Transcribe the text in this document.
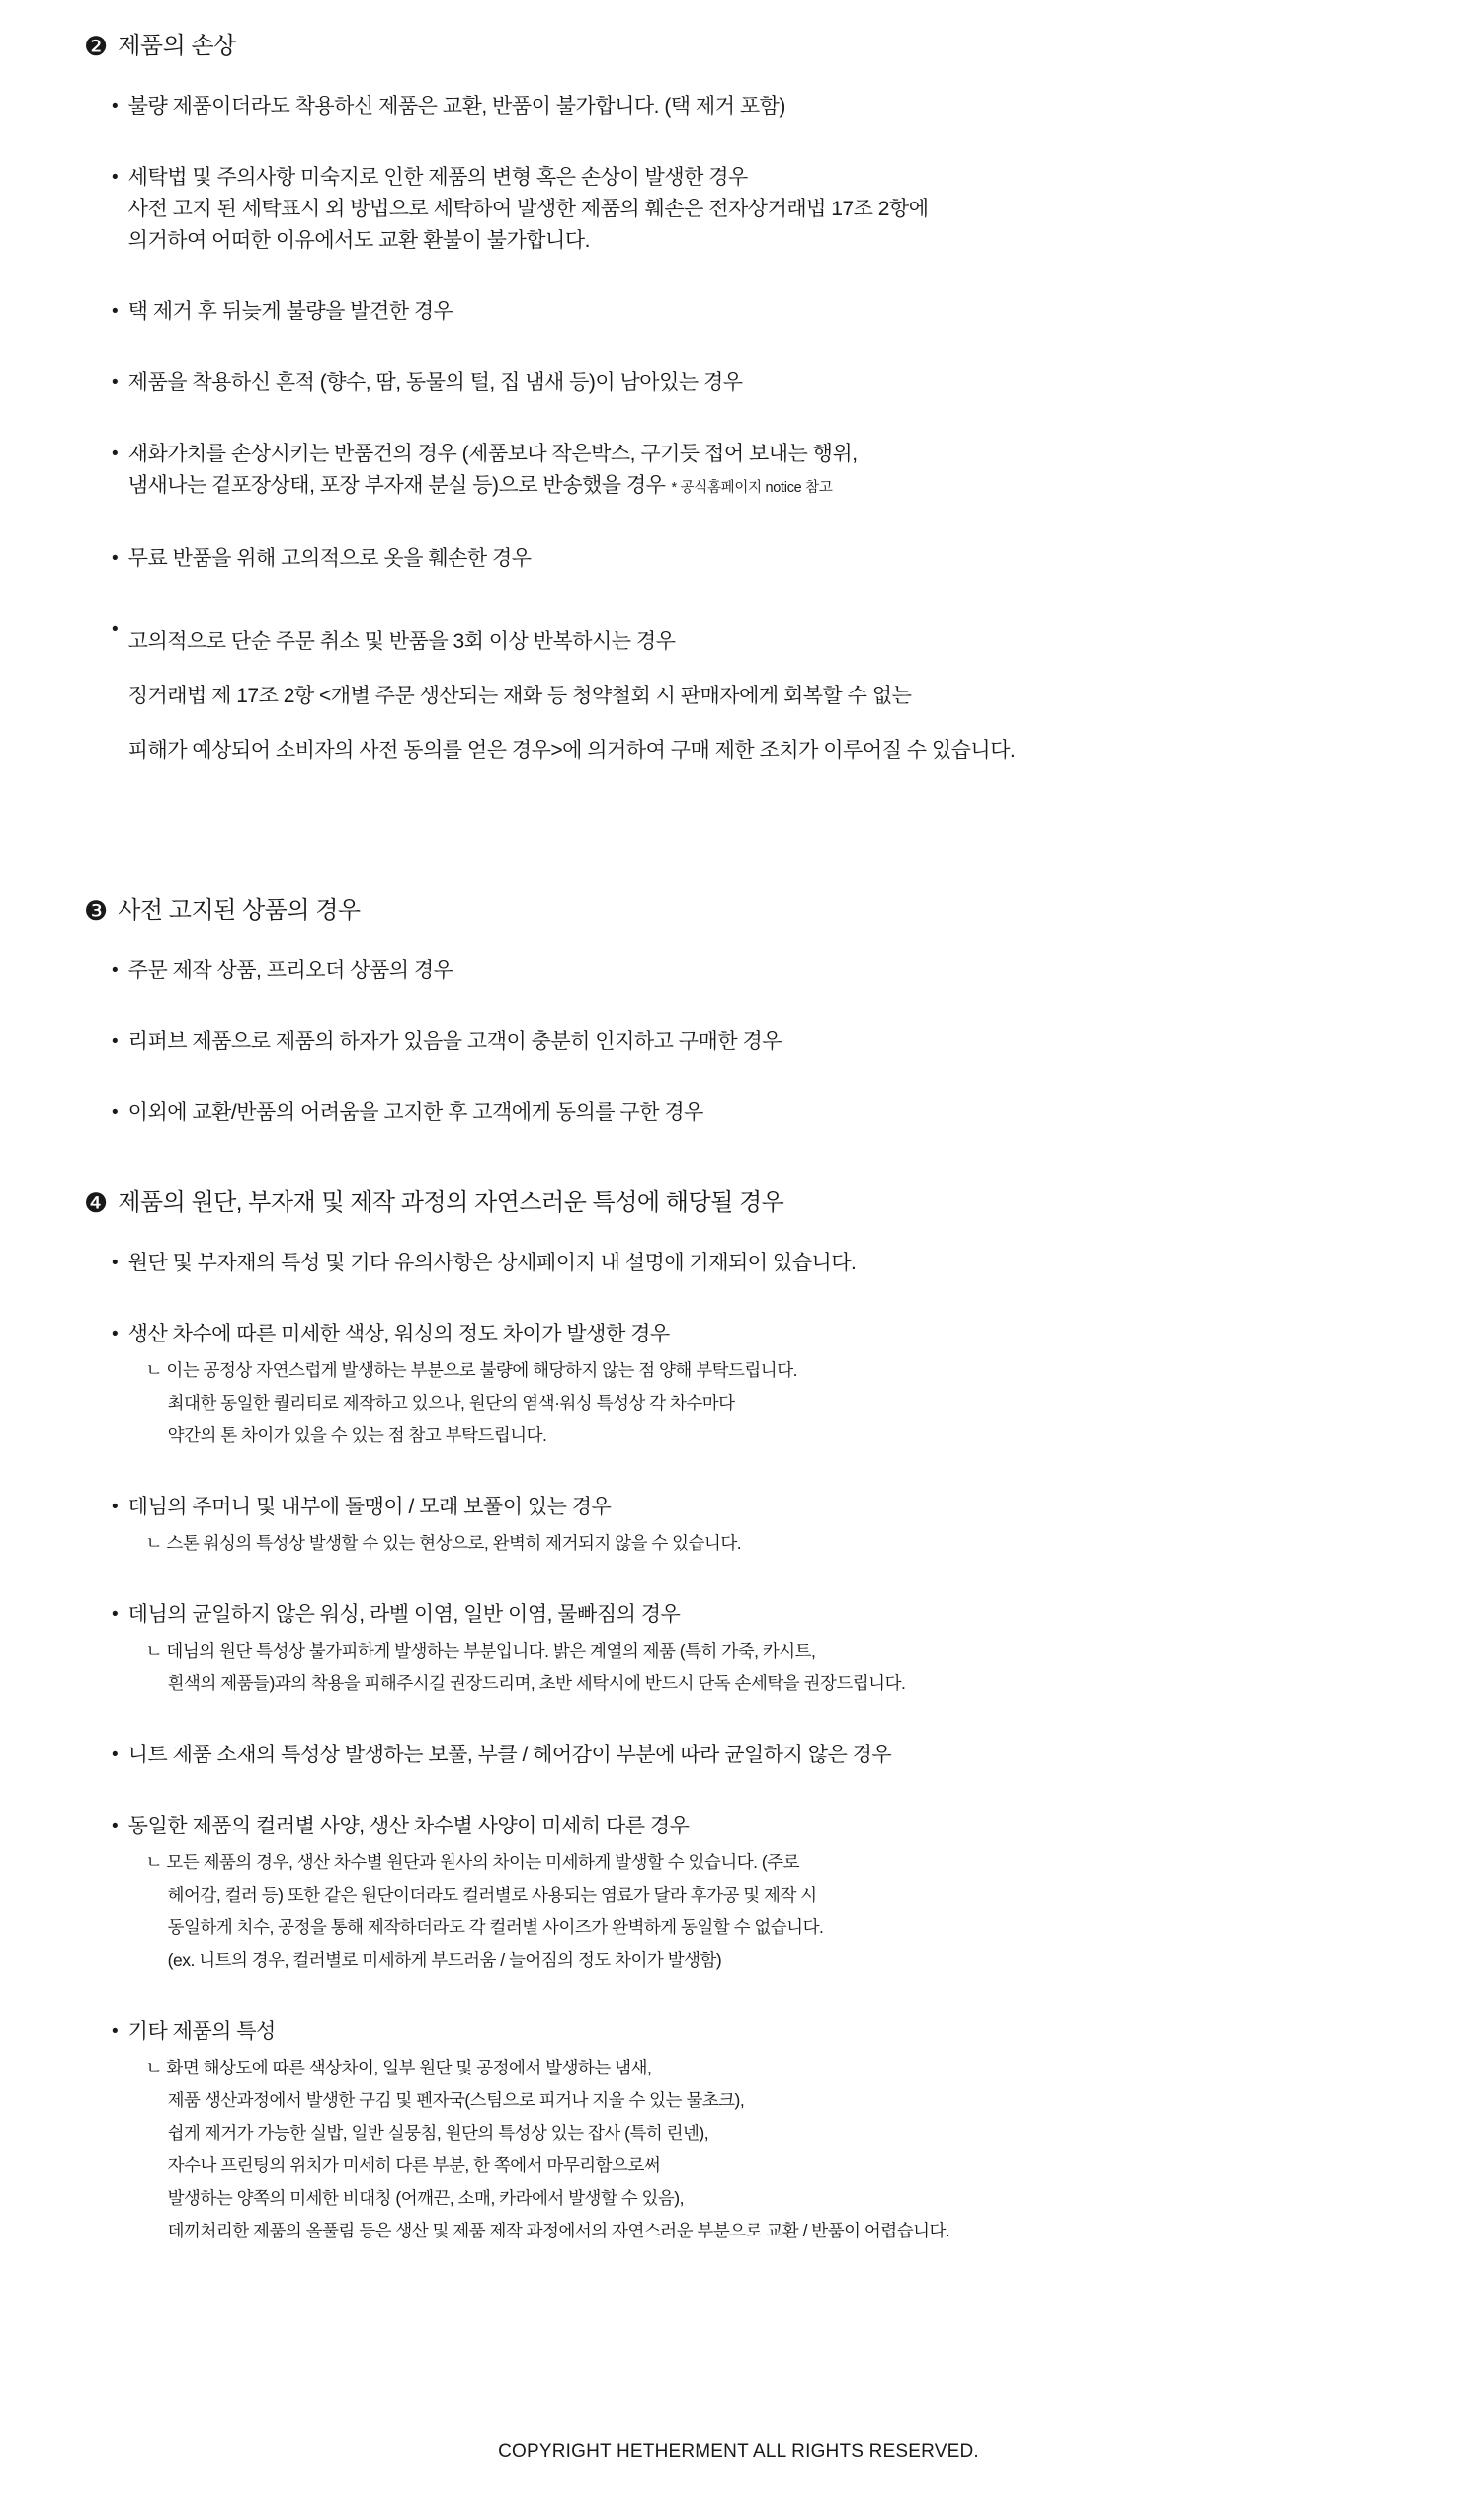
❷ 제품의 손상
• 불량 제품이더라도 착용하신 제품은 교환, 반품이 불가합니다. (택 제거 포함)
• 세탁법 및 주의사항 미숙지로 인한 제품의 변형 혹은 손상이 발생한 경우
사전 고지 된 세탁표시 외 방법으로 세탁하여 발생한 제품의 훼손은 전자상거래법 17조 2항에
의거하여 어떠한 이유에서도 교환 환불이 불가합니다.
• 택 제거 후 뒤늦게 불량을 발견한 경우
• 제품을 착용하신 흔적 (향수, 땀, 동물의 털, 집 냄새 등)이 남아있는 경우
• 재화가치를 손상시키는 반품건의 경우 (제품보다 작은박스, 구기듯 접어 보내는 행위,
냄새나는 겉포장상태, 포장 부자재 분실 등)으로 반송했을 경우 * 공식홈페이지 notice 참고
• 무료 반품을 위해 고의적으로 옷을 훼손한 경우
•
고의적으로 단순 주문 취소 및 반품을 3회 이상 반복하시는 경우
정거래법 제 17조 2항 <개별 주문 생산되는 재화 등 청약철회 시 판매자에게 회복할 수 없는
피해가 예상되어 소비자의 사전 동의를 얻은 경우>에 의거하여 구매 제한 조치가 이루어질 수 있습니다.
❸ 사전 고지된 상품의 경우
• 주문 제작 상품, 프리오더 상품의 경우
• 리퍼브 제품으로 제품의 하자가 있음을 고객이 충분히 인지하고 구매한 경우
• 이외에 교환/반품의 어려움을 고지한 후 고객에게 동의를 구한 경우
❹ 제품의 원단, 부자재 및 제작 과정의 자연스러운 특성에 해당될 경우
• 원단 및 부자재의 특성 및 기타 유의사항은 상세페이지 내 설명에 기재되어 있습니다.
• 생산 차수에 따른 미세한 색상, 워싱의 정도 차이가 발생한 경우
ㄴ 이는 공정상 자연스럽게 발생하는 부분으로 불량에 해당하지 않는 점 양해 부탁드립니다.
최대한 동일한 퀄리티로 제작하고 있으나, 원단의 염색·워싱 특성상 각 차수마다
약간의 톤 차이가 있을 수 있는 점 참고 부탁드립니다.
• 데님의 주머니 및 내부에 돌맹이 / 모래 보풀이 있는 경우
ㄴ 스톤 워싱의 특성상 발생할 수 있는 현상으로, 완벽히 제거되지 않을 수 있습니다.
• 데님의 균일하지 않은 워싱, 라벨 이염, 일반 이염, 물빠짐의 경우
ㄴ 데님의 원단 특성상 불가피하게 발생하는 부분입니다. 밝은 계열의 제품 (특히 가죽, 카시트,
흰색의 제품들)과의 착용을 피해주시길 권장드리며, 초반 세탁시에 반드시 단독 손세탁을 권장드립니다.
• 니트 제품 소재의 특성상 발생하는 보풀, 부클 / 헤어감이 부분에 따라 균일하지 않은 경우
• 동일한 제품의 컬러별 사양, 생산 차수별 사양이 미세히 다른 경우
ㄴ 모든 제품의 경우, 생산 차수별 원단과 원사의 차이는 미세하게 발생할 수 있습니다. (주로
헤어감, 컬러 등) 또한 같은 원단이더라도 컬러별로 사용되는 염료가 달라 후가공 및 제작 시
동일하게 치수, 공정을 통해 제작하더라도 각 컬러별 사이즈가 완벽하게 동일할 수 없습니다.
(ex. 니트의 경우, 컬러별로 미세하게 부드러움 / 늘어짐의 정도 차이가 발생함)
• 기타 제품의 특성
ㄴ 화면 해상도에 따른 색상차이, 일부 원단 및 공정에서 발생하는 냄새,
제품 생산과정에서 발생한 구김 및 펜자국(스팀으로 피거나 지울 수 있는 물초크),
쉽게 제거가 가능한 실밥, 일반 실뭉침, 원단의 특성상 있는 잡사 (특히 린넨),
자수나 프린팅의 위치가 미세히 다른 부분, 한 쪽에서 마무리함으로써
발생하는 양쪽의 미세한 비대칭 (어깨끈, 소매, 카라에서 발생할 수 있음),
데끼처리한 제품의 올풀림 등은 생산 및 제품 제작 과정에서의 자연스러운 부분으로 교환 / 반품이 어렵습니다.
COPYRIGHT HETHERMENT ALL RIGHTS RESERVED.
